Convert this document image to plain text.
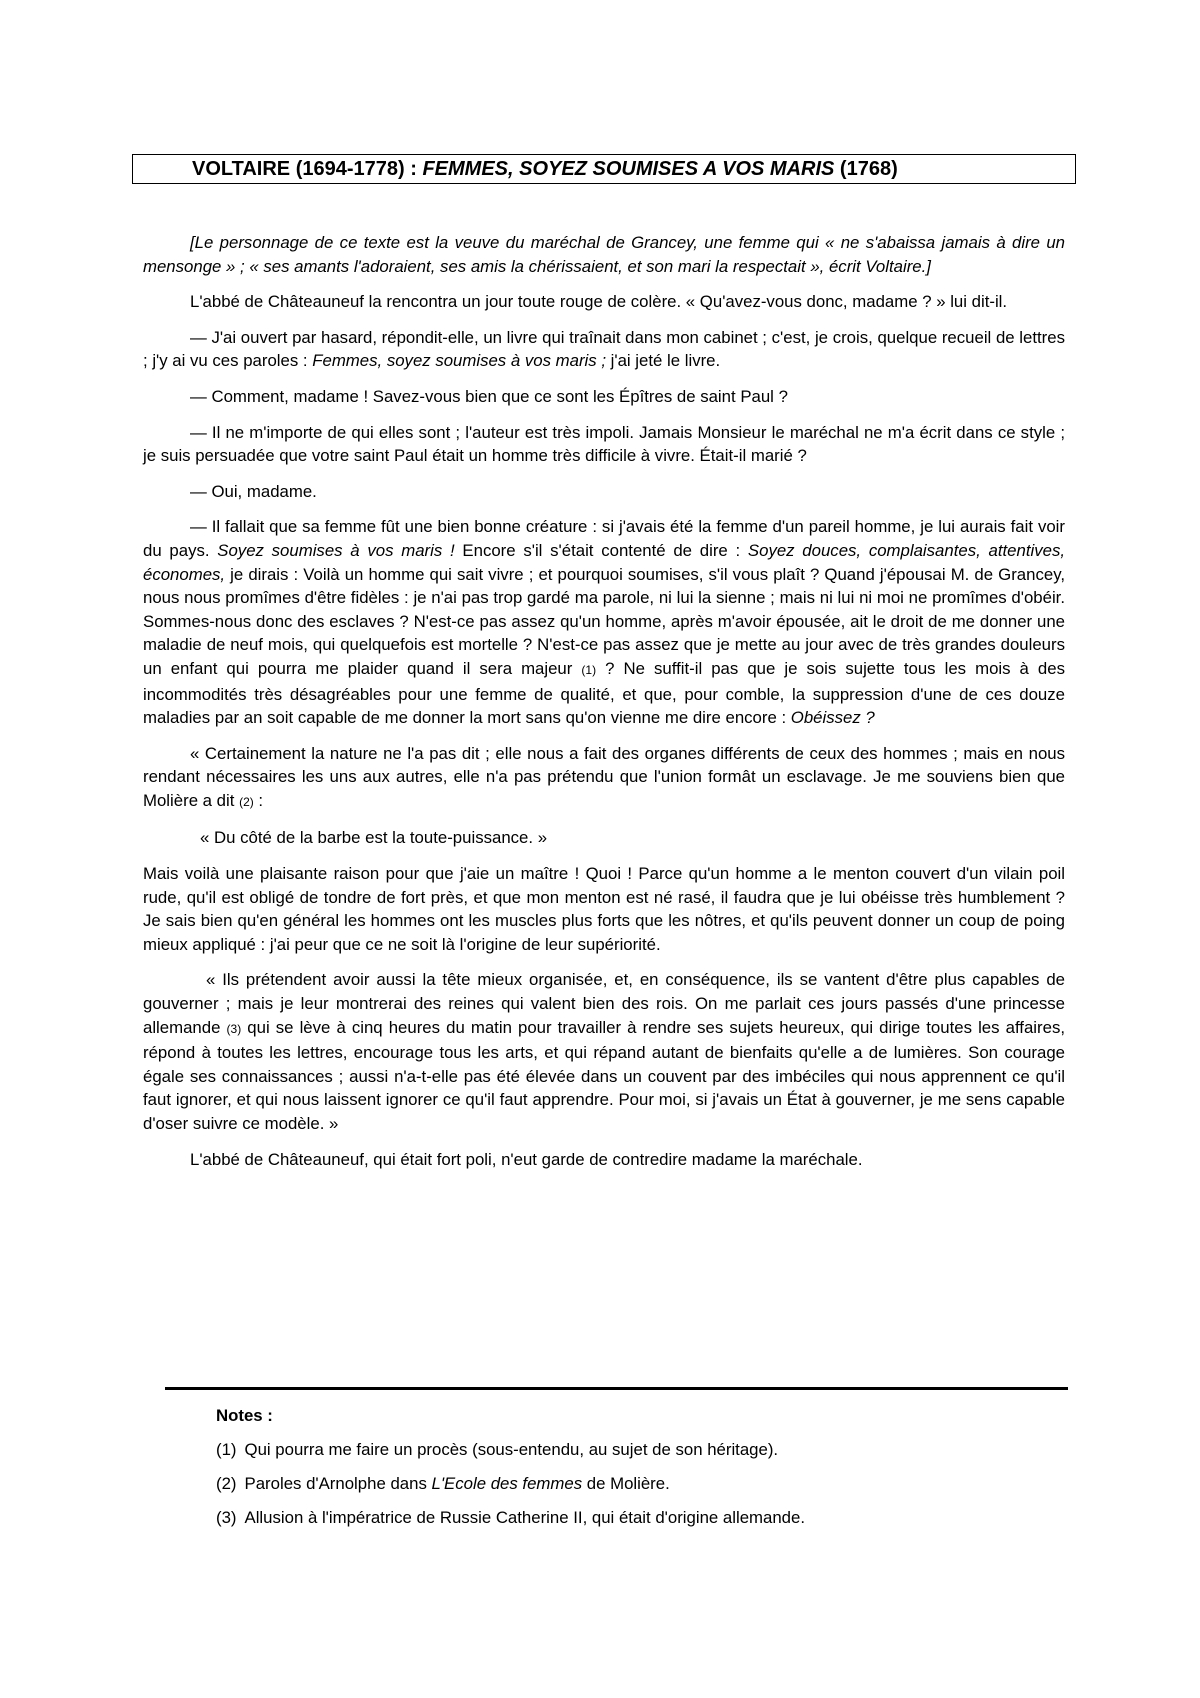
VOLTAIRE (1694-1778) : FEMMES, SOYEZ SOUMISES A VOS MARIS (1768)

[Le personnage de ce texte est la veuve du maréchal de Grancey, une femme qui « ne s'abaissa jamais à dire un mensonge » ; « ses amants l'adoraient, ses amis la chérissaient, et son mari la respectait », écrit Voltaire.]

L'abbé de Châteauneuf la rencontra un jour toute rouge de colère. « Qu'avez-vous donc, madame ? » lui dit-il.

— J'ai ouvert par hasard, répondit-elle, un livre qui traînait dans mon cabinet ; c'est, je crois, quelque recueil de lettres ; j'y ai vu ces paroles : Femmes, soyez soumises à vos maris ; j'ai jeté le livre.

— Comment, madame ! Savez-vous bien que ce sont les Épîtres de saint Paul ?

— Il ne m'importe de qui elles sont ; l'auteur est très impoli. Jamais Monsieur le maréchal ne m'a écrit dans ce style ; je suis persuadée que votre saint Paul était un homme très difficile à vivre. Était-il marié ?

— Oui, madame.

— Il fallait que sa femme fût une bien bonne créature : si j'avais été la femme d'un pareil homme, je lui aurais fait voir du pays. Soyez soumises à vos maris ! Encore s'il s'était contenté de dire : Soyez douces, complaisantes, attentives, économes, je dirais : Voilà un homme qui sait vivre ; et pourquoi soumises, s'il vous plaît ? Quand j'épousai M. de Grancey, nous nous promîmes d'être fidèles : je n'ai pas trop gardé ma parole, ni lui la sienne ; mais ni lui ni moi ne promîmes d'obéir. Sommes-nous donc des esclaves ? N'est-ce pas assez qu'un homme, après m'avoir épousée, ait le droit de me donner une maladie de neuf mois, qui quelquefois est mortelle ? N'est-ce pas assez que je mette au jour avec de très grandes douleurs un enfant qui pourra me plaider quand il sera majeur (1) ? Ne suffit-il pas que je sois sujette tous les mois à des incommodités très désagréables pour une femme de qualité, et que, pour comble, la suppression d'une de ces douze maladies par an soit capable de me donner la mort sans qu'on vienne me dire encore : Obéissez ?

« Certainement la nature ne l'a pas dit ; elle nous a fait des organes différents de ceux des hommes ; mais en nous rendant nécessaires les uns aux autres, elle n'a pas prétendu que l'union formât un esclavage. Je me souviens bien que Molière a dit (2) :

« Du côté de la barbe est la toute-puissance. »

Mais voilà une plaisante raison pour que j'aie un maître ! Quoi ! Parce qu'un homme a le menton couvert d'un vilain poil rude, qu'il est obligé de tondre de fort près, et que mon menton est né rasé, il faudra que je lui obéisse très humblement ? Je sais bien qu'en général les hommes ont les muscles plus forts que les nôtres, et qu'ils peuvent donner un coup de poing mieux appliqué : j'ai peur que ce ne soit là l'origine de leur supériorité.

« Ils prétendent avoir aussi la tête mieux organisée, et, en conséquence, ils se vantent d'être plus capables de gouverner ; mais je leur montrerai des reines qui valent bien des rois. On me parlait ces jours passés d'une princesse allemande (3) qui se lève à cinq heures du matin pour travailler à rendre ses sujets heureux, qui dirige toutes les affaires, répond à toutes les lettres, encourage tous les arts, et qui répand autant de bienfaits qu'elle a de lumières. Son courage égale ses connaissances ; aussi n'a-t-elle pas été élevée dans un couvent par des imbéciles qui nous apprennent ce qu'il faut ignorer, et qui nous laissent ignorer ce qu'il faut apprendre. Pour moi, si j'avais un État à gouverner, je me sens capable d'oser suivre ce modèle. »

L'abbé de Châteauneuf, qui était fort poli, n'eut garde de contredire madame la maréchale.

Notes :
(1) Qui pourra me faire un procès (sous-entendu, au sujet de son héritage).
(2) Paroles d'Arnolphe dans L'Ecole des femmes de Molière.
(3) Allusion à l'impératrice de Russie Catherine II, qui était d'origine allemande.
